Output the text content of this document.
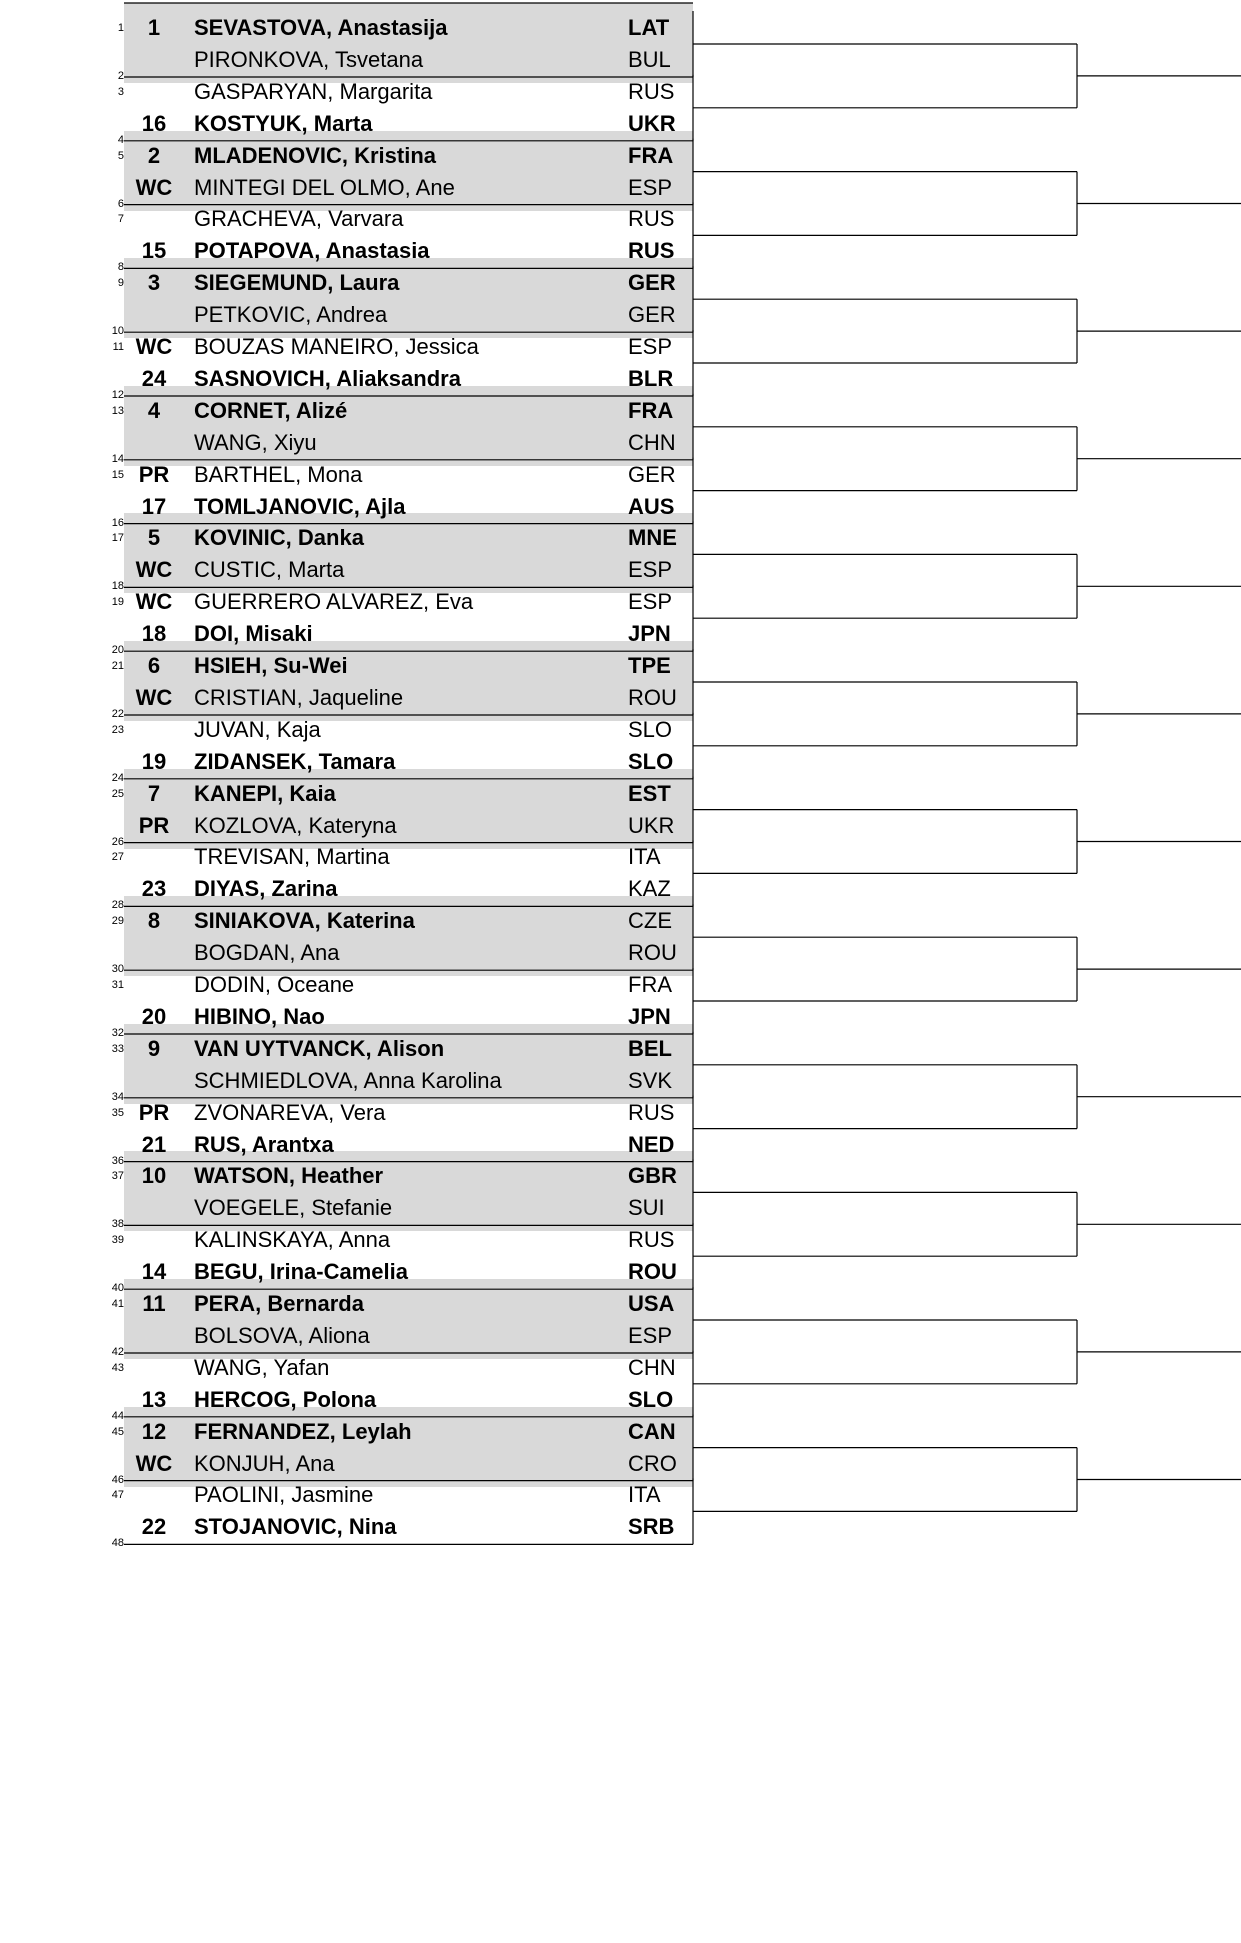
1	SEVASTOVA, Anastasija	LAT
1
PIRONKOVA, Tsvetana	BUL
2
GASPARYAN, Margarita	RUS
3
16	KOSTYUK, Marta	UKR
4
2	MLADENOVIC, Kristina	FRA
5
WC MINTEGI DEL OLMO, Ane	ESP
6
GRACHEVA, Varvara	RUS
7
15	POTAPOVA, Anastasia	RUS
8
3	SIEGEMUND, Laura	GER
9
PETKOVIC, Andrea	GER
10
WC BOUZAS MANEIRO, Jessica	ESP
11
24	SASNOVICH, Aliaksandra	BLR
12
4	CORNET, Alizé	FRA
13
WANG, Xiyu	CHN
14
PR BARTHEL, Mona	GER
15
17	TOMLJANOVIC, Ajla	AUS
16
5	KOVINIC, Danka	MNE
17
WC CUSTIC, Marta	ESP
18
WC GUERRERO ALVAREZ, Eva	ESP
19
18	DOI, Misaki	JPN
20
6	HSIEH, Su-Wei	TPE
21
WC CRISTIAN, Jaqueline	ROU
22
JUVAN, Kaja	SLO
23
19	ZIDANSEK, Tamara	SLO
24
7	KANEPI, Kaia	EST
25
PR KOZLOVA, Kateryna	UKR
26
TREVISAN, Martina	ITA
27
23	DIYAS, Zarina	KAZ
28
8	SINIAKOVA, Katerina	CZE
29
BOGDAN, Ana	ROU
30
DODIN, Oceane	FRA
31
20	HIBINO, Nao	JPN
32
9	VAN UYTVANCK, Alison	BEL
33
SCHMIEDLOVA, Anna Karolina	SVK
34
PR ZVONAREVA, Vera	RUS
35
21	RUS, Arantxa	NED
36
10	WATSON, Heather	GBR
37
VOEGELE, Stefanie	SUI
38
KALINSKAYA, Anna	RUS
39
14	BEGU, Irina-Camelia	ROU
40
11	PERA, Bernarda	USA
41
BOLSOVA, Aliona	ESP
42
WANG, Yafan	CHN
43
13	HERCOG, Polona	SLO
44
12	FERNANDEZ, Leylah	CAN
45
WC KONJUH, Ana	CRO
46
PAOLINI, Jasmine	ITA
47
22	STOJANOVIC, Nina	SRB
48
